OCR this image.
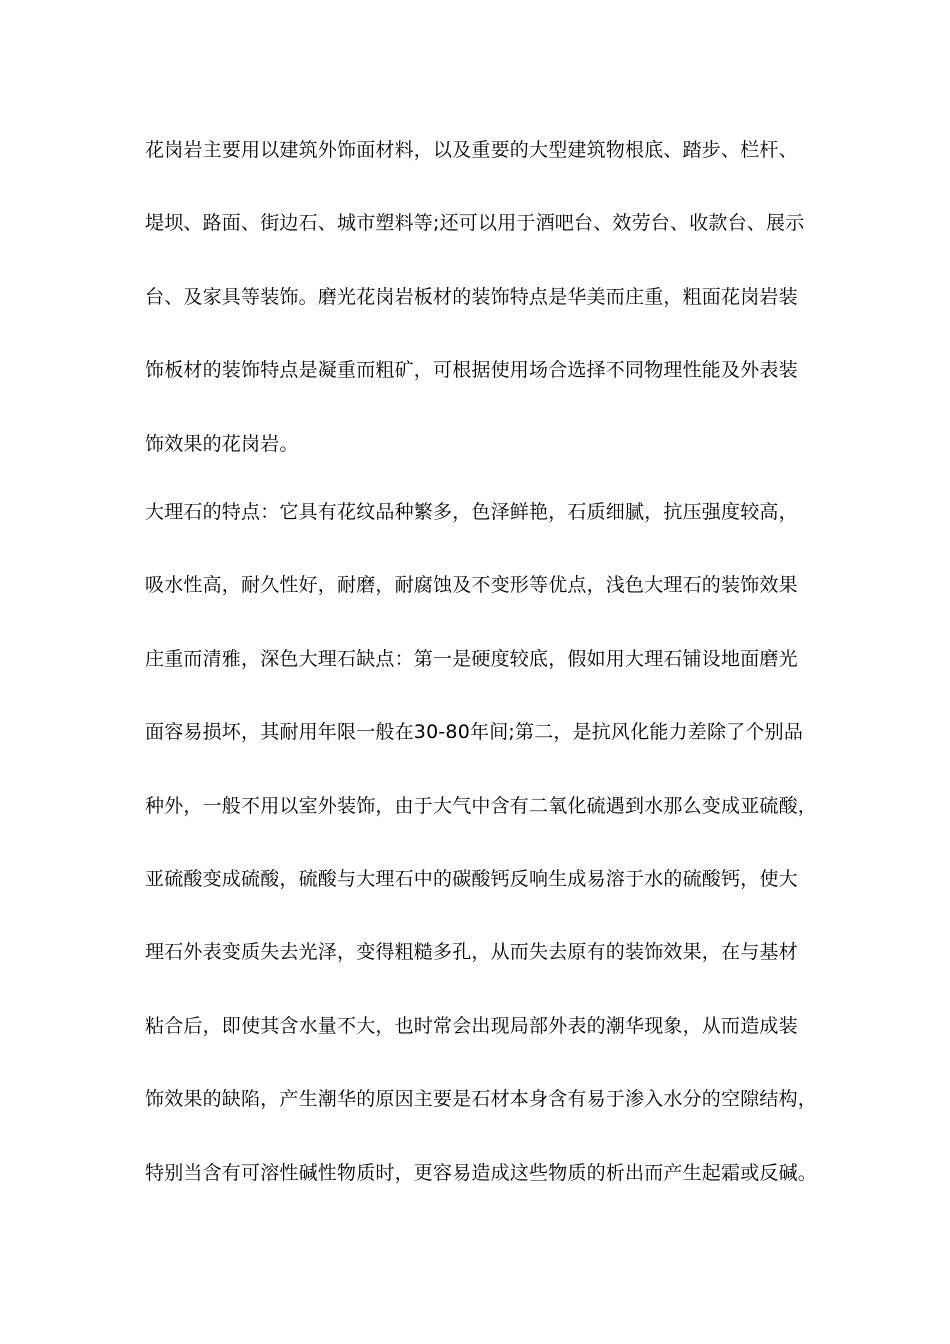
花岗岩主要用以建筑外饰面材料，以及重要的大型建筑物根底、踏步、栏杆、
堤坝、路面、街边石、城市塑料等;还可以用于酒吧台、效劳台、收款台、展示
台、及家具等装饰。磨光花岗岩板材的装饰特点是华美而庄重，粗面花岗岩装
饰板材的装饰特点是凝重而粗矿，可根据使用场合选择不同物理性能及外表装
饰效果的花岗岩。
大理石的特点：它具有花纹品种繁多，色泽鲜艳，石质细腻，抗压强度较高，
吸水性高，耐久性好，耐磨，耐腐蚀及不变形等优点，浅色大理石的装饰效果
庄重而清雅，深色大理石缺点：第一是硬度较底，假如用大理石铺设地面磨光
面容易损坏，其耐用年限一般在30-80年间;第二，是抗风化能力差除了个别品
种外，一般不用以室外装饰，由于大气中含有二氧化硫遇到水那么变成亚硫酸，
亚硫酸变成硫酸，硫酸与大理石中的碳酸钙反响生成易溶于水的硫酸钙，使大
理石外表变质失去光泽，变得粗糙多孔，从而失去原有的装饰效果，在与基材
粘合后，即使其含水量不大，也时常会出现局部外表的潮华现象，从而造成装
饰效果的缺陷，产生潮华的原因主要是石材本身含有易于渗入水分的空隙结构，
特别当含有可溶性碱性物质时，更容易造成这些物质的析出而产生起霜或反碱。
